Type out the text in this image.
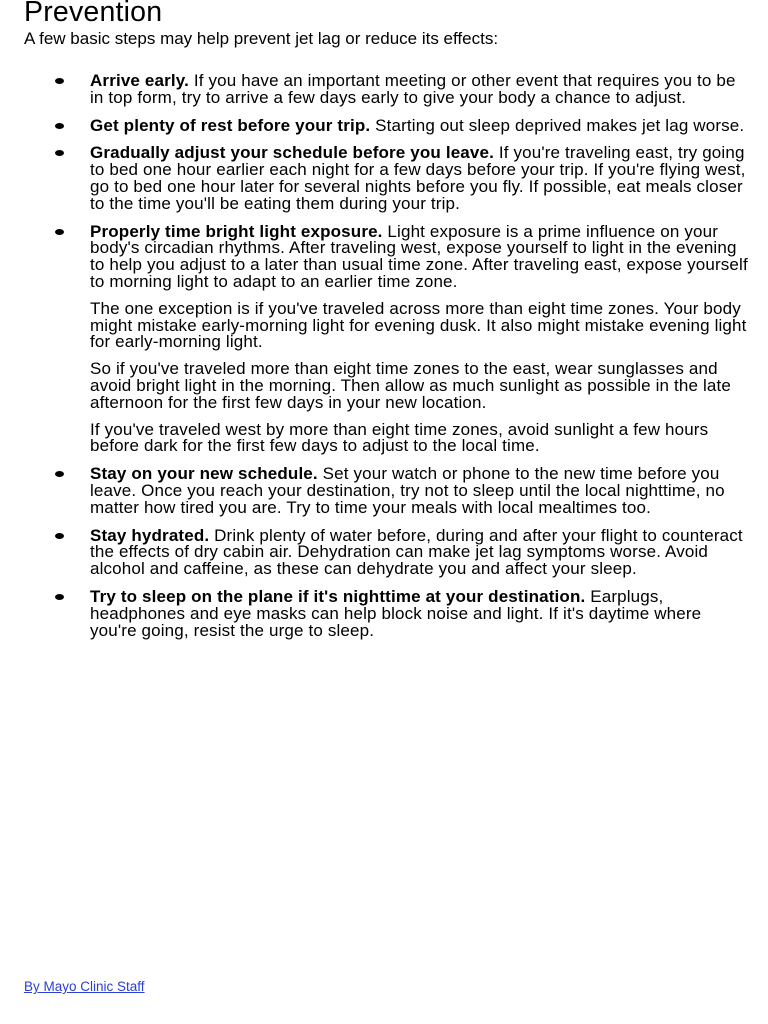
Prevention

A few basic steps may help prevent jet lag or reduce its effects:

Arrive early. If you have an important meeting or other event that requires you to be in top form, try to arrive a few days early to give your body a chance to adjust.

Get plenty of rest before your trip. Starting out sleep deprived makes jet lag worse.

Gradually adjust your schedule before you leave. If you're traveling east, try going to bed one hour earlier each night for a few days before your trip. If you're flying west, go to bed one hour later for several nights before you fly. If possible, eat meals closer to the time you'll be eating them during your trip.

Properly time bright light exposure. Light exposure is a prime influence on your body's circadian rhythms. After traveling west, expose yourself to light in the evening to help you adjust to a later than usual time zone. After traveling east, expose yourself to morning light to adapt to an earlier time zone.

The one exception is if you've traveled across more than eight time zones. Your body might mistake early-morning light for evening dusk. It also might mistake evening light for early-morning light.

So if you've traveled more than eight time zones to the east, wear sunglasses and avoid bright light in the morning. Then allow as much sunlight as possible in the late afternoon for the first few days in your new location.

If you've traveled west by more than eight time zones, avoid sunlight a few hours before dark for the first few days to adjust to the local time.

Stay on your new schedule. Set your watch or phone to the new time before you leave. Once you reach your destination, try not to sleep until the local nighttime, no matter how tired you are. Try to time your meals with local mealtimes too.

Stay hydrated. Drink plenty of water before, during and after your flight to counteract the effects of dry cabin air. Dehydration can make jet lag symptoms worse. Avoid alcohol and caffeine, as these can dehydrate you and affect your sleep.

Try to sleep on the plane if it's nighttime at your destination. Earplugs, headphones and eye masks can help block noise and light. If it's daytime where you're going, resist the urge to sleep.

By Mayo Clinic Staff
